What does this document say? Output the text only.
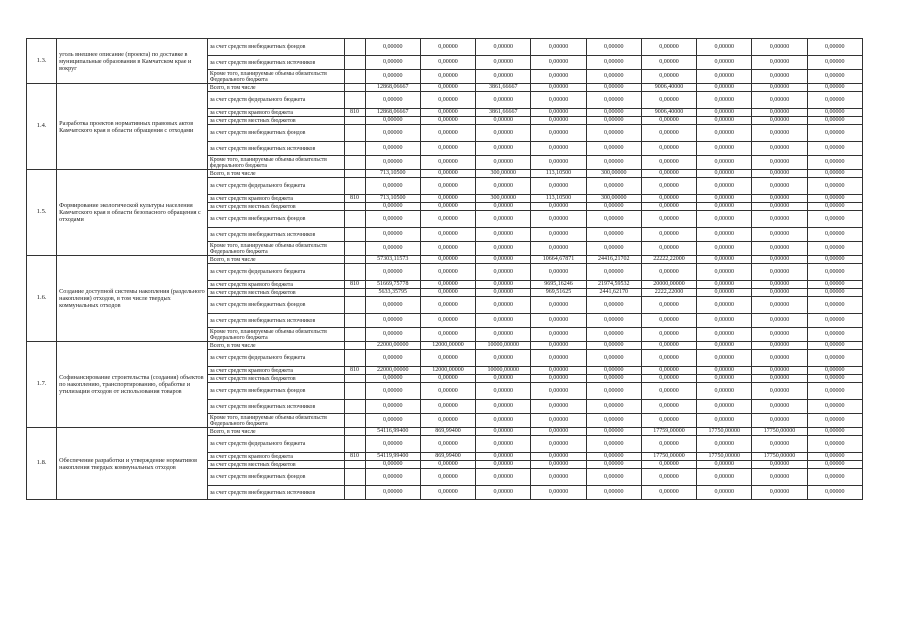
1.3.	уголь внешнее описание (проекта) по доставке в муниципальные образования в Камчатском крае и вокруг	за счет средств внебюджетных фондов		0,00000	0,00000	0,00000	0,00000	0,00000	0,00000	0,00000	0,00000	0,00000
		за счет средств внебюджетных источников		0,00000	0,00000	0,00000	0,00000	0,00000	0,00000	0,00000	0,00000	0,00000
		Кроме того, планируемые объемы обязательств Федерального бюджета		0,00000	0,00000	0,00000	0,00000	0,00000	0,00000	0,00000	0,00000	0,00000
1.4.	Разработка проектов нормативных правовых актов Камчатского края в области обращения с отходами	Всего, в том числе		12868,06667	0,00000	3861,66667	0,00000	0,00000	9006,40000	0,00000	0,00000	0,00000
		за счет средств федерального бюджета		0,00000	0,00000	0,00000	0,00000	0,00000	0,00000	0,00000	0,00000	0,00000
		за счет средств краевого бюджета	810	12868,06667	0,00000	3861,66667	0,00000	0,00000	9006,40000	0,00000	0,00000	0,00000
		за счет средств местных бюджетов		0,00000	0,00000	0,00000	0,00000	0,00000	0,00000	0,00000	0,00000	0,00000
		за счет средств внебюджетных фондов		0,00000	0,00000	0,00000	0,00000	0,00000	0,00000	0,00000	0,00000	0,00000
		за счет средств внебюджетных источников		0,00000	0,00000	0,00000	0,00000	0,00000	0,00000	0,00000	0,00000	0,00000
		Кроме того, планируемые объемы обязательств федерального бюджета		0,00000	0,00000	0,00000	0,00000	0,00000	0,00000	0,00000	0,00000	0,00000
1.5.	Формирование экологической культуры населения Камчатского края в области безопасного обращения с отходами	Всего, в том числе		713,10500	0,00000	300,00000	113,10500	300,00000	0,00000	0,00000	0,00000	0,00000
		за счет средств федерального бюджета		0,00000	0,00000	0,00000	0,00000	0,00000	0,00000	0,00000	0,00000	0,00000
		за счет средств краевого бюджета	810	713,10500	0,00000	300,00000	113,10500	300,00000	0,00000	0,00000	0,00000	0,00000
		за счет средств местных бюджетов		0,00000	0,00000	0,00000	0,00000	0,00000	0,00000	0,00000	0,00000	0,00000
		за счет средств внебюджетных фондов		0,00000	0,00000	0,00000	0,00000	0,00000	0,00000	0,00000	0,00000	0,00000
		за счет средств внебюджетных источников		0,00000	0,00000	0,00000	0,00000	0,00000	0,00000	0,00000	0,00000	0,00000
		Кроме того, планируемые объемы обязательств Федерального бюджета		0,00000	0,00000	0,00000	0,00000	0,00000	0,00000	0,00000	0,00000	0,00000
1.6.	Создание доступной системы накопления (раздельного накопления) отходов, в том числе твердых коммунальных отходов	Всего, в том числе		57303,11573	0,00000	0,00000	10664,67871	24416,21702	22222,22000	0,00000	0,00000	0,00000
		за счет средств федерального бюджета		0,00000	0,00000	0,00000	0,00000	0,00000	0,00000	0,00000	0,00000	0,00000
		за счет средств краевого бюджета	810	51669,75778	0,00000	0,00000	9695,16246	21974,59532	20000,00000	0,00000	0,00000	0,00000
		за счет средств местных бюджетов		5633,35795	0,00000	0,00000	969,51625	2441,62170	2222,22000	0,00000	0,00000	0,00000
		за счет средств внебюджетных фондов		0,00000	0,00000	0,00000	0,00000	0,00000	0,00000	0,00000	0,00000	0,00000
		за счет средств внебюджетных источников		0,00000	0,00000	0,00000	0,00000	0,00000	0,00000	0,00000	0,00000	0,00000
		Кроме того, планируемые объемы обязательств Федерального бюджета		0,00000	0,00000	0,00000	0,00000	0,00000	0,00000	0,00000	0,00000	0,00000
1.7.	Софинансирование строительства (создания) объектов по накоплению, транспортированию, обработке и утилизации отходов от использования товаров	Всего, в том числе		22000,00000	12000,00000	10000,00000	0,00000	0,00000	0,00000	0,00000	0,00000	0,00000
		за счет средств федерального бюджета		0,00000	0,00000	0,00000	0,00000	0,00000	0,00000	0,00000	0,00000	0,00000
		за счет средств краевого бюджета	810	22000,00000	12000,00000	10000,00000	0,00000	0,00000	0,00000	0,00000	0,00000	0,00000
		за счет средств местных бюджетов		0,00000	0,00000	0,00000	0,00000	0,00000	0,00000	0,00000	0,00000	0,00000
		за счет средств внебюджетных фондов		0,00000	0,00000	0,00000	0,00000	0,00000	0,00000	0,00000	0,00000	0,00000
		за счет средств внебюджетных источников		0,00000	0,00000	0,00000	0,00000	0,00000	0,00000	0,00000	0,00000	0,00000
		Кроме того, планируемые объемы обязательств Федерального бюджета		0,00000	0,00000	0,00000	0,00000	0,00000	0,00000	0,00000	0,00000	0,00000
1.8.	Обеспечение разработки и утверждение нормативов накопления твердых коммунальных отходов	Всего, в том числе		54116,99400	869,99400	0,00000	0,00000	0,00000	17759,00000	17750,00000	17750,00000	0,00000
		за счет средств федерального бюджета		0,00000	0,00000	0,00000	0,00000	0,00000	0,00000	0,00000	0,00000	0,00000
		за счет средств краевого бюджета	810	54119,99400	869,99400	0,00000	0,00000	0,00000	17750,00000	17750,00000	17750,00000	0,00000
		за счет средств местных бюджетов		0,00000	0,00000	0,00000	0,00000	0,00000	0,00000	0,00000	0,00000	0,00000
		за счет средств внебюджетных фондов		0,00000	0,00000	0,00000	0,00000	0,00000	0,00000	0,00000	0,00000	0,00000
		за счет средств внебюджетных источников		0,00000	0,00000	0,00000	0,00000	0,00000	0,00000	0,00000	0,00000	0,00000
